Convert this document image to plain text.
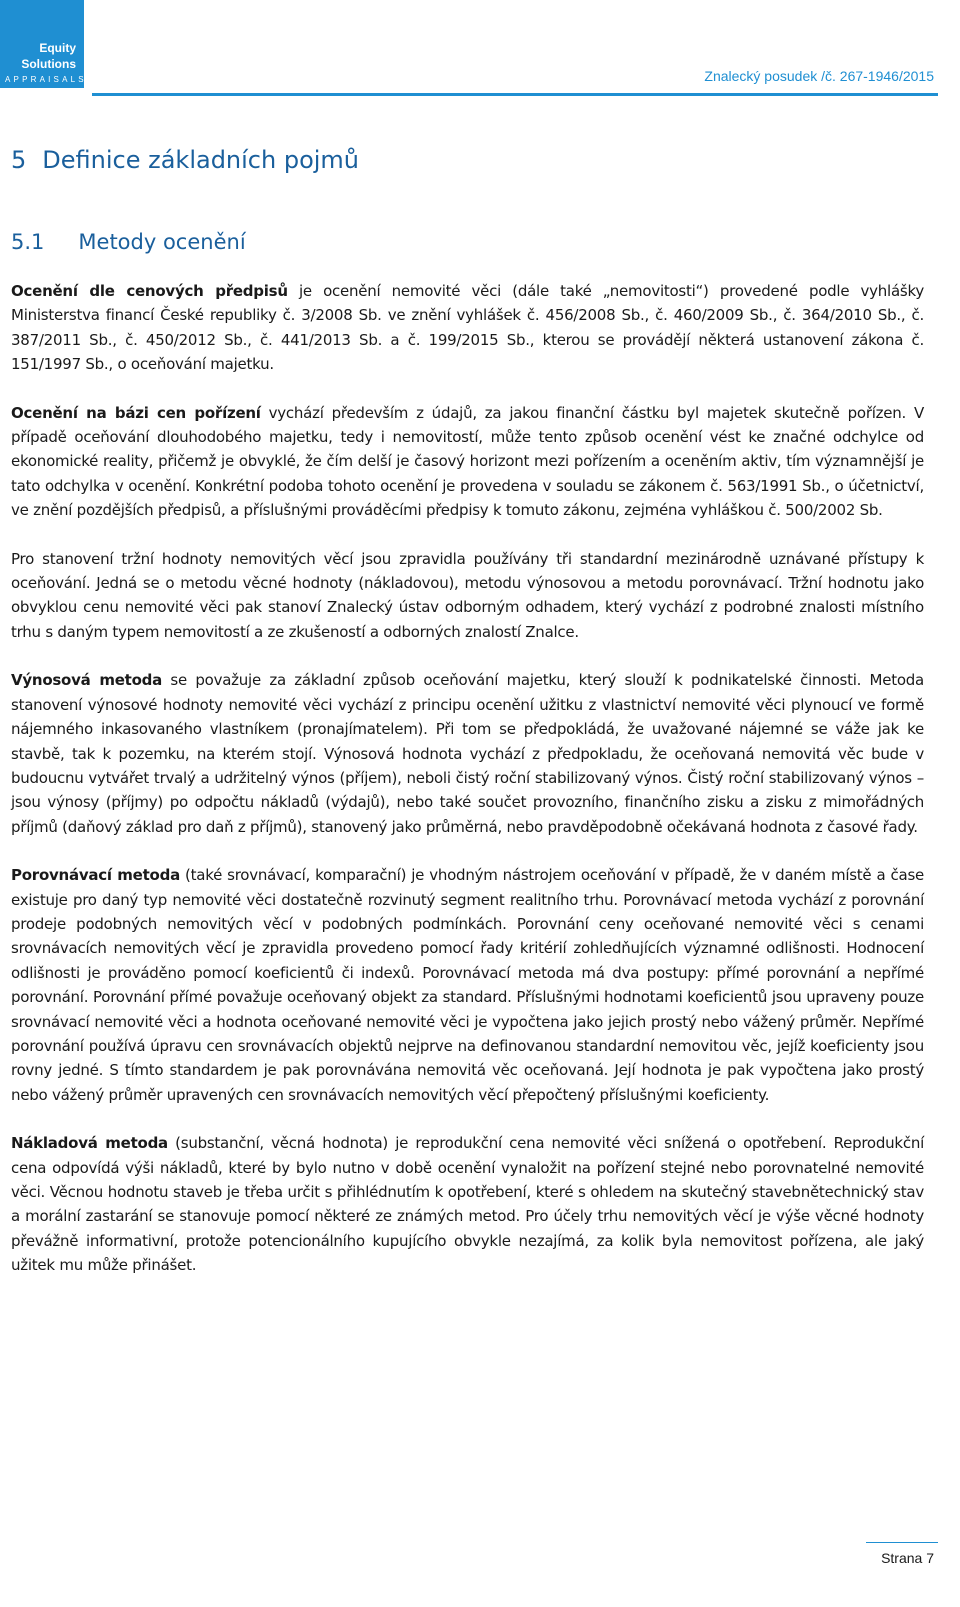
Equity
Solutions
APPRAISALS	Znalecký posudek /č. 267-1946/2015
5 Definice základních pojmů
5.1 Metody ocenění

Ocenění dle cenových předpisů je ocenění nemovité věci (dále také „nemovitosti“) provedené podle vyhlášky Ministerstva financí České republiky č. 3/2008 Sb. ve znění vyhlášek č. 456/2008 Sb., č. 460/2009 Sb., č. 364/2010 Sb., č. 387/2011 Sb., č. 450/2012 Sb., č. 441/2013 Sb. a č. 199/2015 Sb., kterou se provádějí některá ustanovení zákona č. 151/1997 Sb., o oceňování majetku.

Ocenění na bázi cen pořízení vychází především z údajů, za jakou finanční částku byl majetek skutečně pořízen. V případě oceňování dlouhodobého majetku, tedy i nemovitostí, může tento způsob ocenění vést ke značné odchylce od ekonomické reality, přičemž je obvyklé, že čím delší je časový horizont mezi pořízením a oceněním aktiv, tím významnější je tato odchylka v ocenění. Konkrétní podoba tohoto ocenění je provedena v souladu se zákonem č. 563/1991 Sb., o účetnictví, ve znění pozdějších předpisů, a příslušnými prováděcími předpisy k tomuto zákonu, zejména vyhláškou č. 500/2002 Sb.

Pro stanovení tržní hodnoty nemovitých věcí jsou zpravidla používány tři standardní mezinárodně uznávané přístupy k oceňování. Jedná se o metodu věcné hodnoty (nákladovou), metodu výnosovou a metodu porovnávací. Tržní hodnotu jako obvyklou cenu nemovité věci pak stanoví Znalecký ústav odborným odhadem, který vychází z podrobné znalosti místního trhu s daným typem nemovitostí a ze zkušeností a odborných znalostí Znalce.

Výnosová metoda se považuje za základní způsob oceňování majetku, který slouží k podnikatelské činnosti. Metoda stanovení výnosové hodnoty nemovité věci vychází z principu ocenění užitku z vlastnictví nemovité věci plynoucí ve formě nájemného inkasovaného vlastníkem (pronajímatelem). Při tom se předpokládá, že uvažované nájemné se váže jak ke stavbě, tak k pozemku, na kterém stojí. Výnosová hodnota vychází z předpokladu, že oceňovaná nemovitá věc bude v budoucnu vytvářet trvalý a udržitelný výnos (příjem), neboli čistý roční stabilizovaný výnos. Čistý roční stabilizovaný výnos – jsou výnosy (příjmy) po odpočtu nákladů (výdajů), nebo také součet provozního, finančního zisku a zisku z mimořádných příjmů (daňový základ pro daň z příjmů), stanovený jako průměrná, nebo pravděpodobně očekávaná hodnota z časové řady.

Porovnávací metoda (také srovnávací, komparační) je vhodným nástrojem oceňování v případě, že v daném místě a čase existuje pro daný typ nemovité věci dostatečně rozvinutý segment realitního trhu. Porovnávací metoda vychází z porovnání prodeje podobných nemovitých věcí v podobných podmínkách. Porovnání ceny oceňované nemovité věci s cenami srovnávacích nemovitých věcí je zpravidla provedeno pomocí řady kritérií zohledňujících významné odlišnosti. Hodnocení odlišnosti je prováděno pomocí koeficientů či indexů. Porovnávací metoda má dva postupy: přímé porovnání a nepřímé porovnání. Porovnání přímé považuje oceňovaný objekt za standard. Příslušnými hodnotami koeficientů jsou upraveny pouze srovnávací nemovité věci a hodnota oceňované nemovité věci je vypočtena jako jejich prostý nebo vážený průměr. Nepřímé porovnání používá úpravu cen srovnávacích objektů nejprve na definovanou standardní nemovitou věc, jejíž koeficienty jsou rovny jedné. S tímto standardem je pak porovnávána nemovitá věc oceňovaná. Její hodnota je pak vypočtena jako prostý nebo vážený průměr upravených cen srovnávacích nemovitých věcí přepočtený příslušnými koeficienty.

Nákladová metoda (substanční, věcná hodnota) je reprodukční cena nemovité věci snížená o opotřebení. Reprodukční cena odpovídá výši nákladů, které by bylo nutno v době ocenění vynaložit na pořízení stejné nebo porovnatelné nemovité věci. Věcnou hodnotu staveb je třeba určit s přihlédnutím k opotřebení, které s ohledem na skutečný stavebnětechnický stav a morální zastarání se stanovuje pomocí některé ze známých metod. Pro účely trhu nemovitých věcí je výše věcné hodnoty převážně informativní, protože potencionálního kupujícího obvykle nezajímá, za kolik byla nemovitost pořízena, ale jaký užitek mu může přinášet.

Strana 7
